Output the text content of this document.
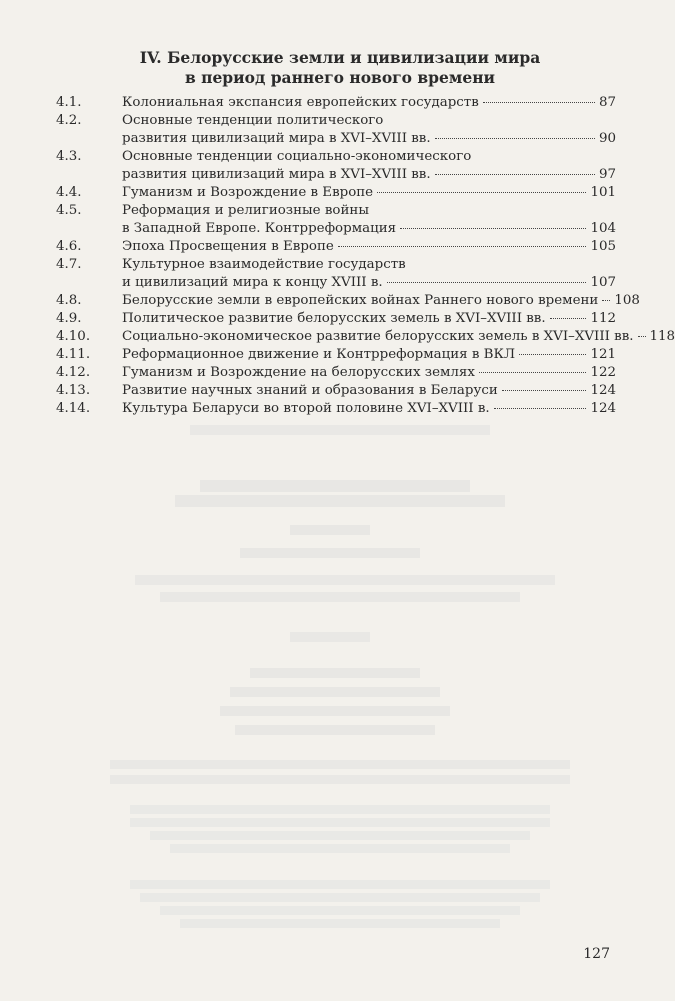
IV. Белорусские земли и цивилизации мира
в период раннего нового времени
4.1.	Колониальная экспансия европейских государств	87
4.2.	Основные тенденции политического
развития цивилизаций мира в XVI–XVIII вв.	90
4.3.	Основные тенденции социально-экономического
развития цивилизаций мира в XVI–XVIII вв.	97
4.4.	Гуманизм и Возрождение в Европе	101
4.5.	Реформация и религиозные войны
в Западной Европе. Контрреформация	104
4.6.	Эпоха Просвещения в Европе	105
4.7.	Культурное взаимодействие государств
и цивилизаций мира к концу XVIII в.	107
4.8.	Белорусские земли в европейских войнах Раннего нового времени 108
4.9.	Политическое развитие белорусских земель в XVI–XVIII вв.	112
4.10.	Социально-экономическое развитие белорусских земель в XVI–XVIII вв. 118
4.11.	Реформационное движение и Контрреформация в ВКЛ	121
4.12.	Гуманизм и Возрождение на белорусских землях	122
4.13.	Развитие научных знаний и образования в Беларуси	124
4.14.	Культура Беларуси во второй половине XVI–XVIII в.	124
127
